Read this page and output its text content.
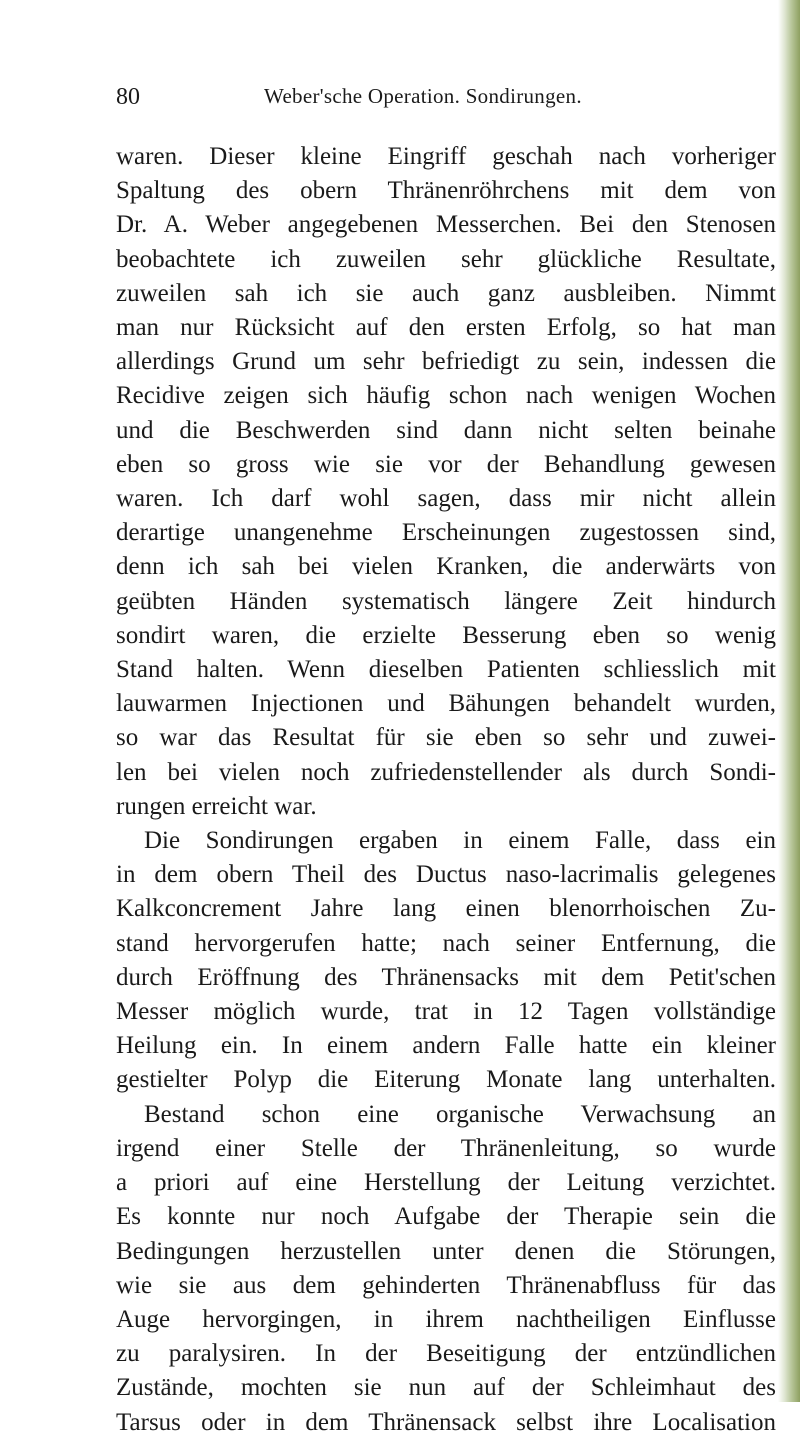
80	Weber'sche Operation. Sondirungen.
waren. Dieser kleine Eingriff geschah nach vorheriger
Spaltung des obern Thränenröhrchens mit dem von
Dr. A. Weber angegebenen Messerchen. Bei den Stenosen
beobachtete ich zuweilen sehr glückliche Resultate,
zuweilen sah ich sie auch ganz ausbleiben. Nimmt
man nur Rücksicht auf den ersten Erfolg, so hat man
allerdings Grund um sehr befriedigt zu sein, indessen die
Recidive zeigen sich häufig schon nach wenigen Wochen
und die Beschwerden sind dann nicht selten beinahe
eben so gross wie sie vor der Behandlung gewesen
waren. Ich darf wohl sagen, dass mir nicht allein
derartige unangenehme Erscheinungen zugestossen sind,
denn ich sah bei vielen Kranken, die anderwärts von
geübten Händen systematisch längere Zeit hindurch
sondirt waren, die erzielte Besserung eben so wenig
Stand halten. Wenn dieselben Patienten schliesslich mit
lauwarmen Injectionen und Bähungen behandelt wurden,
so war das Resultat für sie eben so sehr und zuwei-
len bei vielen noch zufriedenstellender als durch Sondi-
rungen erreicht war.
Die Sondirungen ergaben in einem Falle, dass ein
in dem obern Theil des Ductus naso-lacrimalis gelegenes
Kalkconcrement Jahre lang einen blenorrhoischen Zu-
stand hervorgerufen hatte; nach seiner Entfernung, die
durch Eröffnung des Thränensacks mit dem Petit'schen
Messer möglich wurde, trat in 12 Tagen vollständige
Heilung ein. In einem andern Falle hatte ein kleiner
gestielter Polyp die Eiterung Monate lang unterhalten.
Bestand schon eine organische Verwachsung an
irgend einer Stelle der Thränenleitung, so wurde
a priori auf eine Herstellung der Leitung verzichtet.
Es konnte nur noch Aufgabe der Therapie sein die
Bedingungen herzustellen unter denen die Störungen,
wie sie aus dem gehinderten Thränenabfluss für das
Auge hervorgingen, in ihrem nachtheiligen Einflusse
zu paralysiren. In der Beseitigung der entzündlichen
Zustände, mochten sie nun auf der Schleimhaut des
Tarsus oder in dem Thränensack selbst ihre Localisation
